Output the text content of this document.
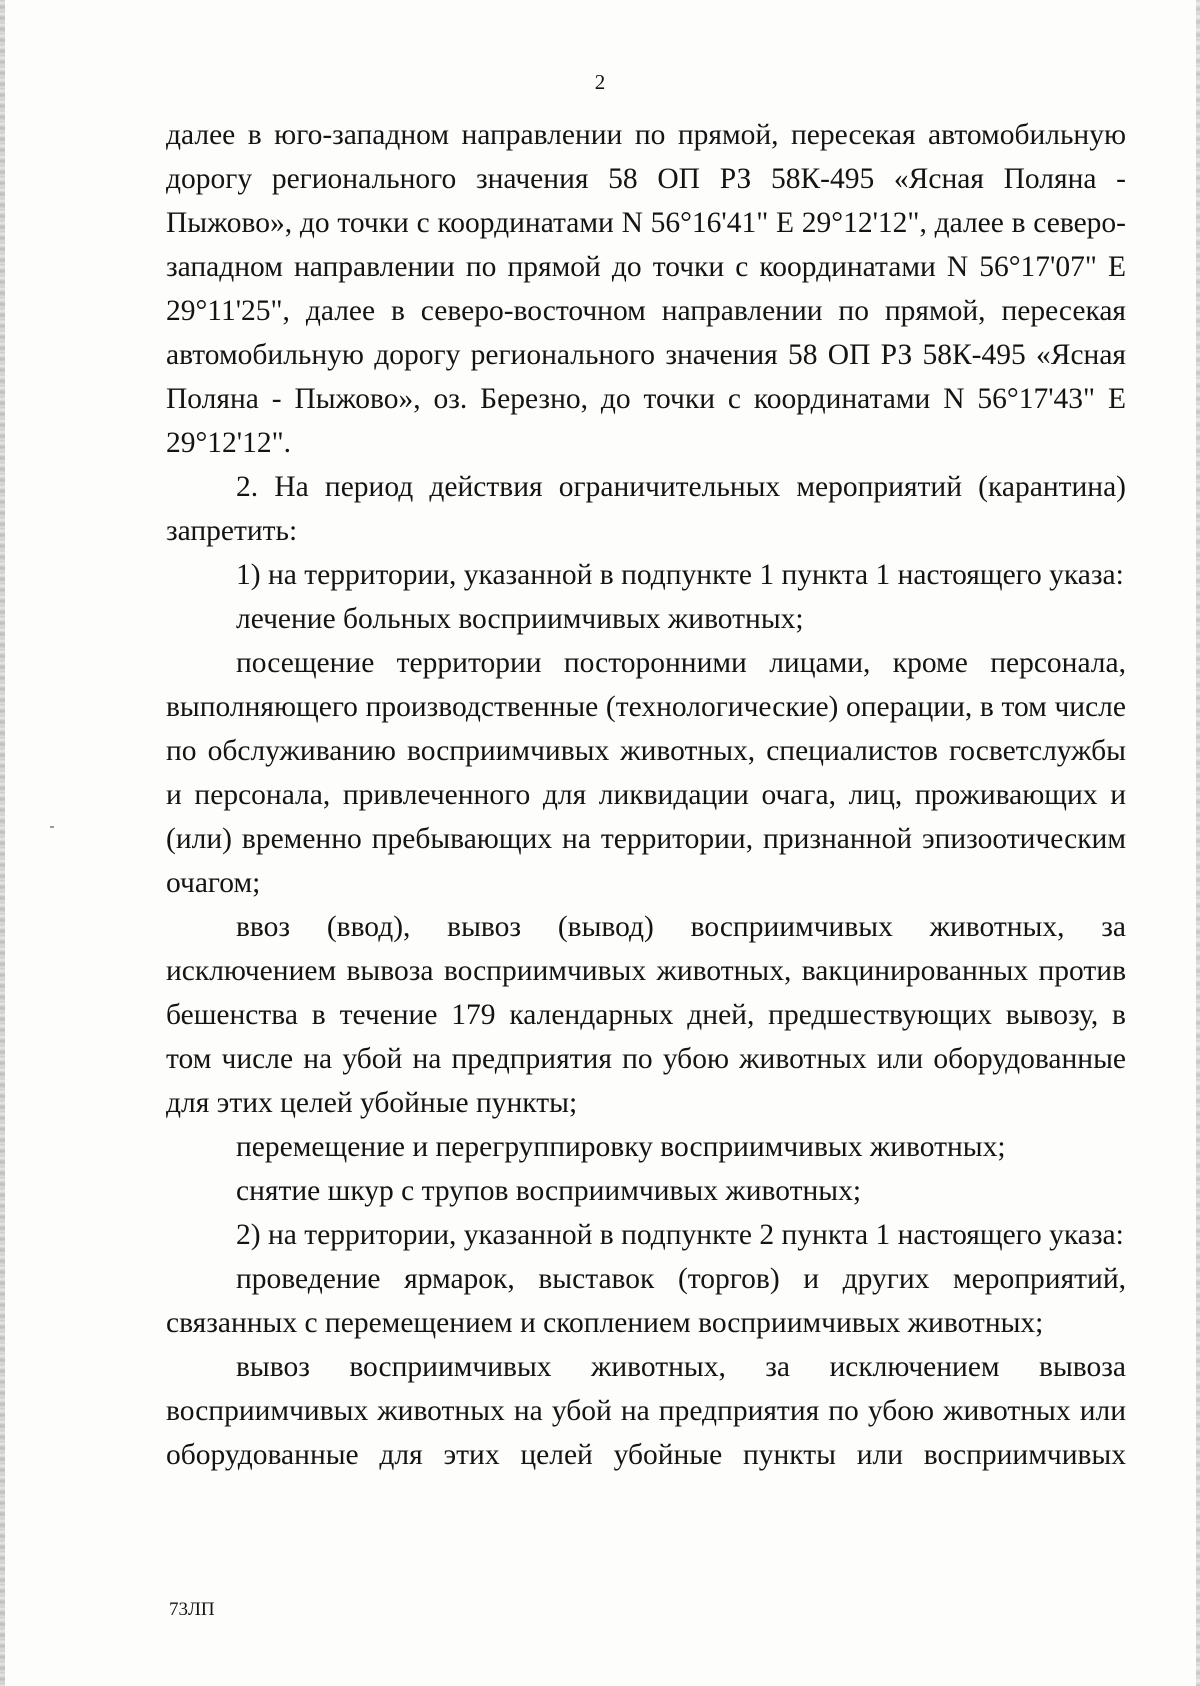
2

далее в юго-западном направлении по прямой, пересекая автомобильную дорогу регионального значения 58 ОП РЗ 58К-495 «Ясная Поляна - Пыжово», до точки с координатами N 56°16'41" E 29°12'12", далее в северо-западном направлении по прямой до точки с координатами N 56°17'07" E 29°11'25", далее в северо-восточном направлении по прямой, пересекая автомобильную дорогу регионального значения 58 ОП РЗ 58К-495 «Ясная Поляна - Пыжово», оз. Березно, до точки с координатами N 56°17'43" E 29°12'12".

2. На период действия ограничительных мероприятий (карантина) запретить:

1) на территории, указанной в подпункте 1 пункта 1 настоящего указа:

лечение больных восприимчивых животных;

посещение территории посторонними лицами, кроме персонала, выполняющего производственные (технологические) операции, в том числе по обслуживанию восприимчивых животных, специалистов госветслужбы и персонала, привлеченного для ликвидации очага, лиц, проживающих и (или) временно пребывающих на территории, признанной эпизоотическим очагом;

ввоз (ввод), вывоз (вывод) восприимчивых животных, за исключением вывоза восприимчивых животных, вакцинированных против бешенства в течение 179 календарных дней, предшествующих вывозу, в том числе на убой на предприятия по убою животных или оборудованные для этих целей убойные пункты;

перемещение и перегруппировку восприимчивых животных;

снятие шкур с трупов восприимчивых животных;

2) на территории, указанной в подпункте 2 пункта 1 настоящего указа:

проведение ярмарок, выставок (торгов) и других мероприятий, связанных с перемещением и скоплением восприимчивых животных;

вывоз восприимчивых животных, за исключением вывоза восприимчивых животных на убой на предприятия по убою животных или оборудованные для этих целей убойные пункты или восприимчивых

73ЛП
